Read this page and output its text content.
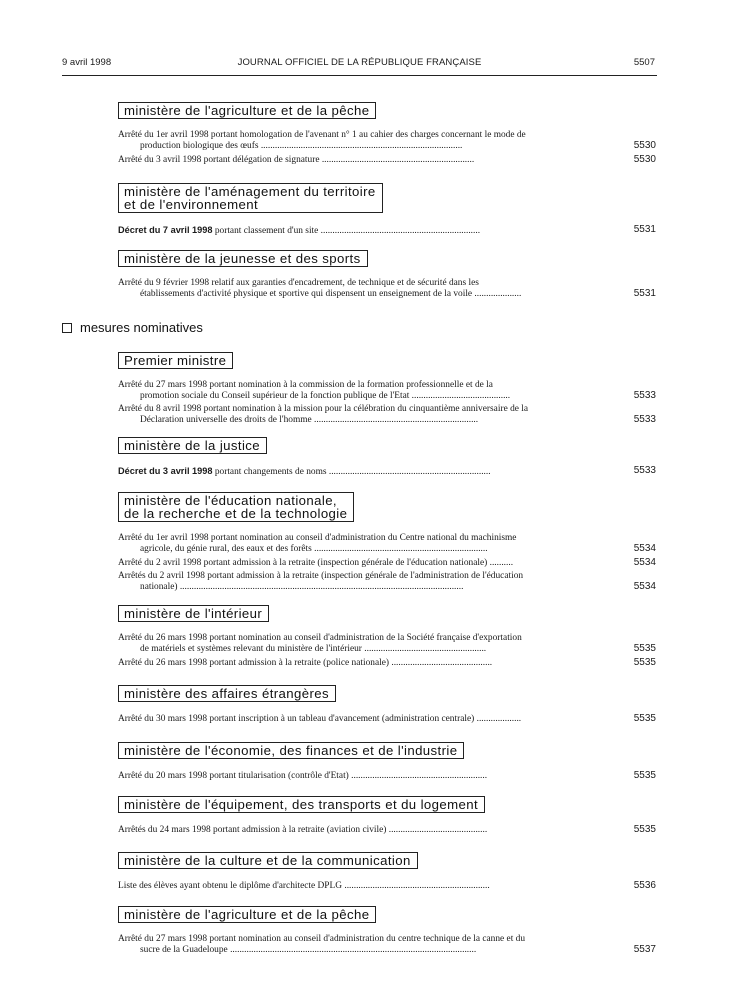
9 avril 1998	JOURNAL OFFICIEL DE LA RÉPUBLIQUE FRANÇAISE	5507
ministère de l'agriculture et de la pêche
Arrêté du 1er avril 1998 portant homologation de l'avenant n° 1 au cahier des charges concernant le mode de
production biologique des œufs ......................................................................................	5530
Arrêté du 3 avril 1998 portant délégation de signature .................................................................	5530
ministère de l'aménagement du territoire
et de l'environnement
Décret du 7 avril 1998 portant classement d'un site ....................................................................	5531
ministère de la jeunesse et des sports
Arrêté du 9 février 1998 relatif aux garanties d'encadrement, de technique et de sécurité dans les
établissements d'activité physique et sportive qui dispensent un enseignement de la voile ....................	5531
mesures nominatives
Premier ministre
Arrêté du 27 mars 1998 portant nomination à la commission de la formation professionnelle et de la
promotion sociale du Conseil supérieur de la fonction publique de l'Etat ..........................................	5533
Arrêté du 8 avril 1998 portant nomination à la mission pour la célébration du cinquantième anniversaire de la
Déclaration universelle des droits de l'homme ......................................................................	5533
ministère de la justice
Décret du 3 avril 1998 portant changements de noms .....................................................................	5533
ministère de l'éducation nationale,
de la recherche et de la technologie
Arrêté du 1er avril 1998 portant nomination au conseil d'administration du Centre national du machinisme
agricole, du génie rural, des eaux et des forêts ..........................................................................	5534
Arrêté du 2 avril 1998 portant admission à la retraite (inspection générale de l'éducation nationale) ..........	5534
Arrêtés du 2 avril 1998 portant admission à la retraite (inspection générale de l'administration de l'éducation
nationale) .........................................................................................................................	5534
ministère de l'intérieur
Arrêté du 26 mars 1998 portant nomination au conseil d'administration de la Société française d'exportation
de matériels et systèmes relevant du ministère de l'intérieur ....................................................	5535
Arrêté du 26 mars 1998 portant admission à la retraite (police nationale) ...........................................	5535
ministère des affaires étrangères
Arrêté du 30 mars 1998 portant inscription à un tableau d'avancement (administration centrale) ...................	5535
ministère de l'économie, des finances et de l'industrie
Arrêté du 20 mars 1998 portant titularisation (contrôle d'Etat) ..........................................................	5535
ministère de l'équipement, des transports et du logement
Arrêtés du 24 mars 1998 portant admission à la retraite (aviation civile) ..........................................	5535
ministère de la culture et de la communication
Liste des élèves ayant obtenu le diplôme d'architecte DPLG ..............................................................	5536
ministère de l'agriculture et de la pêche
Arrêté du 27 mars 1998 portant nomination au conseil d'administration du centre technique de la canne et du
sucre de la Guadeloupe .........................................................................................................	5537
